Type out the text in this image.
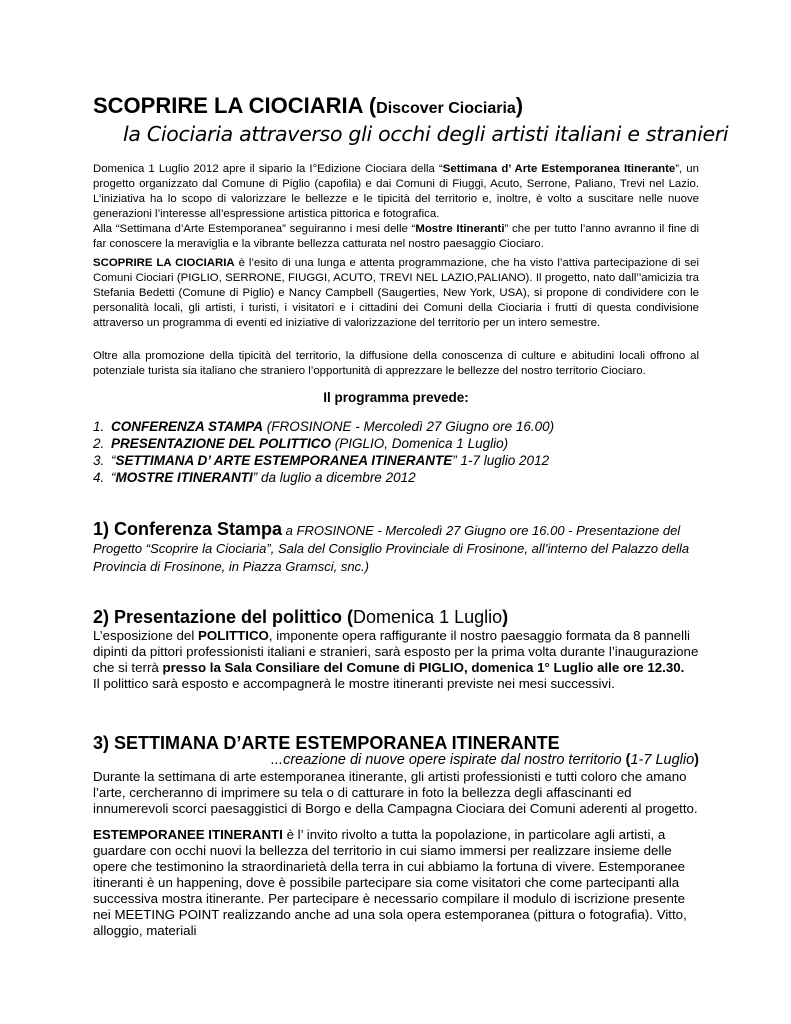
SCOPRIRE LA CIOCIARIA (Discover Ciociaria)
la Ciociaria attraverso gli occhi degli artisti italiani e stranieri
Domenica 1 Luglio 2012 apre il sipario la I°Edizione Ciociara della “Settimana d’ Arte Estemporanea Itinerante”, un progetto organizzato dal Comune di Piglio (capofila) e dai Comuni di Fiuggi, Acuto, Serrone, Paliano, Trevi nel Lazio. L’iniziativa ha lo scopo di valorizzare le bellezze e le tipicità del territorio e, inoltre, è volto a suscitare nelle nuove generazioni l’interesse all’espressione artistica pittorica e fotografica.
Alla “Settimana d’Arte Estemporanea” seguiranno i mesi delle “Mostre Itineranti” che per tutto l’anno avranno il fine di far conoscere la meraviglia e la vibrante bellezza catturata nel nostro paesaggio Ciociaro.
SCOPRIRE LA CIOCIARIA è l’esito di una lunga e attenta programmazione, che ha visto l’attiva partecipazione di sei Comuni Ciociari (PIGLIO, SERRONE, FIUGGI, ACUTO, TREVI NEL LAZIO,PALIANO). Il progetto, nato dall’’amicizia tra Stefania Bedetti (Comune di Piglio) e Nancy Campbell (Saugerties, New York, USA), si propone di condividere con le personalità locali, gli artisti, i turisti, i visitatori e i cittadini dei Comuni della Ciociaria i frutti di questa condivisione attraverso un programma di eventi ed iniziative di valorizzazione del territorio per un intero semestre.
Oltre alla promozione della tipicità del territorio, la diffusione della conoscenza di culture e abitudini locali offrono al potenziale turista sia italiano che straniero l’opportunità di apprezzare le bellezze del nostro territorio Ciociaro.
Il programma prevede:
1. CONFERENZA STAMPA (FROSINONE - Mercoledì 27 Giugno ore 16.00)
2. PRESENTAZIONE DEL POLITTICO (PIGLIO, Domenica 1 Luglio)
3. “SETTIMANA D’ ARTE ESTEMPORANEA ITINERANTE” 1-7 luglio 2012
4. “MOSTRE ITINERANTI” da luglio a dicembre 2012
1) Conferenza Stampa a FROSINONE - Mercoledì 27 Giugno ore 16.00 - Presentazione del Progetto “Scoprire la Ciociaria”, Sala del Consiglio Provinciale di Frosinone, all’interno del Palazzo della Provincia di Frosinone, in Piazza Gramsci, snc.)
2) Presentazione del polittico (Domenica 1 Luglio)
L’esposizione del POLITTICO, imponente opera raffigurante il nostro paesaggio formata da 8 pannelli dipinti da pittori professionisti italiani e stranieri, sarà esposto per la prima volta durante l’inaugurazione che si terrà presso la Sala Consiliare del Comune di PIGLIO, domenica 1° Luglio alle ore 12.30.
Il polittico sarà esposto e accompagnerà le mostre itineranti previste nei mesi successivi.
3) SETTIMANA D’ARTE ESTEMPORANEA ITINERANTE
...creazione di nuove opere ispirate dal nostro territorio (1-7 Luglio)
Durante la settimana di arte estemporanea itinerante, gli artisti professionisti e tutti coloro che amano l’arte, cercheranno di imprimere su tela o di catturare in foto la bellezza degli affascinanti ed innumerevoli scorci paesaggistici di Borgo e della Campagna Ciociara dei Comuni aderenti al progetto.
ESTEMPORANEE ITINERANTI è l’ invito rivolto a tutta la popolazione, in particolare agli artisti, a guardare con occhi nuovi la bellezza del territorio in cui siamo immersi per realizzare insieme delle opere che testimonino la straordinarietà della terra in cui abbiamo la fortuna di vivere. Estemporanee itineranti è un happening, dove è possibile partecipare sia come visitatori che come partecipanti alla successiva mostra itinerante. Per partecipare è necessario compilare il modulo di iscrizione presente nei MEETING POINT realizzando anche ad una sola opera estemporanea (pittura o fotografia). Vitto, alloggio, materiali
